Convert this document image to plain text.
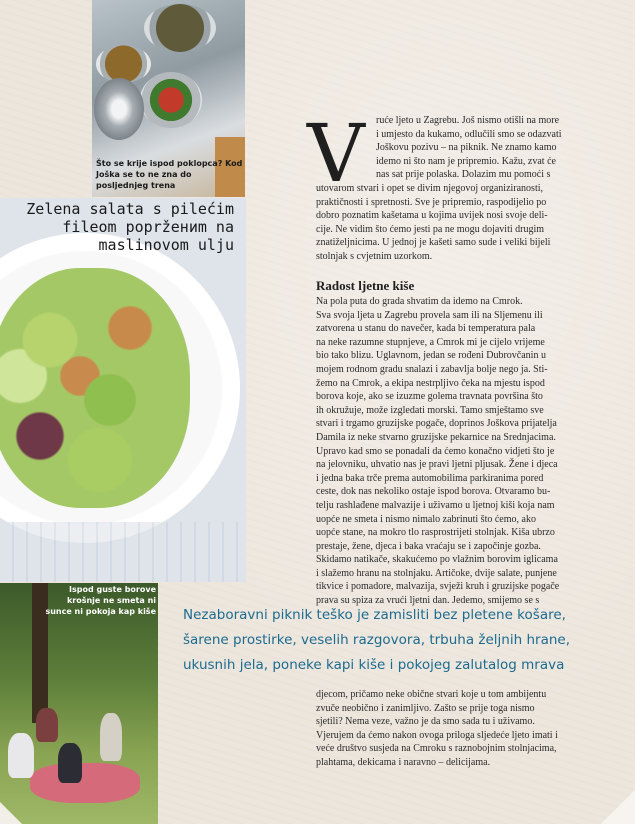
Što se krije ispod poklopca? Kod Joška se to ne zna do posljednjeg trena
Zelena salata s pilećim fileom popržениm na maslinovom ulju
Ispod guste borove krošnje ne smeta ni sunce ni pokoja kap kiše
V	ruće ljeto u Zagrebu. Još nismo otišli na more
i umjesto da kukamo, odlučili smo se odazvati
Joškovu pozivu – na piknik. Ne znamo kamo
idemo ni što nam je pripremio. Kažu, zvat će
nas sat prije polaska. Dolazim mu pomoći s
utovarom stvari i opet se divim njegovoj organiziranosti,
praktičnosti i spretnosti. Sve je pripremio, raspodijelio po
dobro poznatim kašetama u kojima uvijek nosi svoje deli-
cije. Ne vidim što ćemo jesti pa ne mogu dojaviti drugim
znatiželjnicima. U jednoj je kašeti samo sude i veliki bijeli
stolnjak s cvjetnim uzorkom.
Radost ljetne kiše
Na pola puta do grada shvatim da idemo na Cmrok.
Sva svoja ljeta u Zagrebu provela sam ili na Sljemenu ili
zatvorena u stanu do navečer, kada bi temperatura pala
na neke razumne stupnjeve, a Cmrok mi je cijelo vrijeme
bio tako blizu. Uglavnom, jedan se rođeni Dubrovčanin u
mojem rodnom gradu snalazi i zabavlja bolje nego ja. Sti-
žemo na Cmrok, a ekipa nestrpljivo čeka na mjestu ispod
borova koje, ako se izuzme golema travnata površina što
ih okružuje, može izgledati morski. Tamo smještamo sve
stvari i trgamo gruzijske pogače, doprinos Joškova prijatelja
Damila iz neke stvarno gruzijske pekarnice na Srednjacima.
Upravo kad smo se ponadali da ćemo konačno vidjeti što je
na jelovniku, uhvatio nas je pravi ljetni pljusak. Žene i djeca
i jedna baka trče prema automobilima parkiranima pored
ceste, dok nas nekoliko ostaje ispod borova. Otvaramo bu-
telju rashlađene malvazije i uživamo u ljetnoj kiši koja nam
uopće ne smeta i nismo nimalo zabrinuti što ćemo, ako
uopće stane, na mokro tlo rasprostrijeti stolnjak. Kiša ubrzo
prestaje, žene, djeca i baka vraćaju se i započinje gozba.
Skidamo natikače, skakućemo po vlažnim borovim iglicama
i slažemo hranu na stolnjaku. Artičoke, dvije salate, punjene
tikvice i pomadore, malvazija, svježi kruh i gruzijske pogače
prava su spiza za vrući ljetni dan. Jedemo, smijemo se s
Nezaboravni piknik teško je zamisliti bez pletene košare,
šarene prostirke, veselih razgovora, trbuha željnih hrane,
ukusnih jela, poneke kapi kiše i pokojeg zalutalog mrava
djecom, pričamo neke obične stvari koje u tom ambijentu
zvuče neobično i zanimljivo. Zašto se prije toga nismo
sjetili? Nema veze, važno je da smo sada tu i uživamo.
Vjerujem da ćemo nakon ovoga priloga sljedeće ljeto imati i
veće društvo susjeda na Cmroku s raznobojnim stolnjacima,
plahtama, dekicama i naravno – delicijama.
